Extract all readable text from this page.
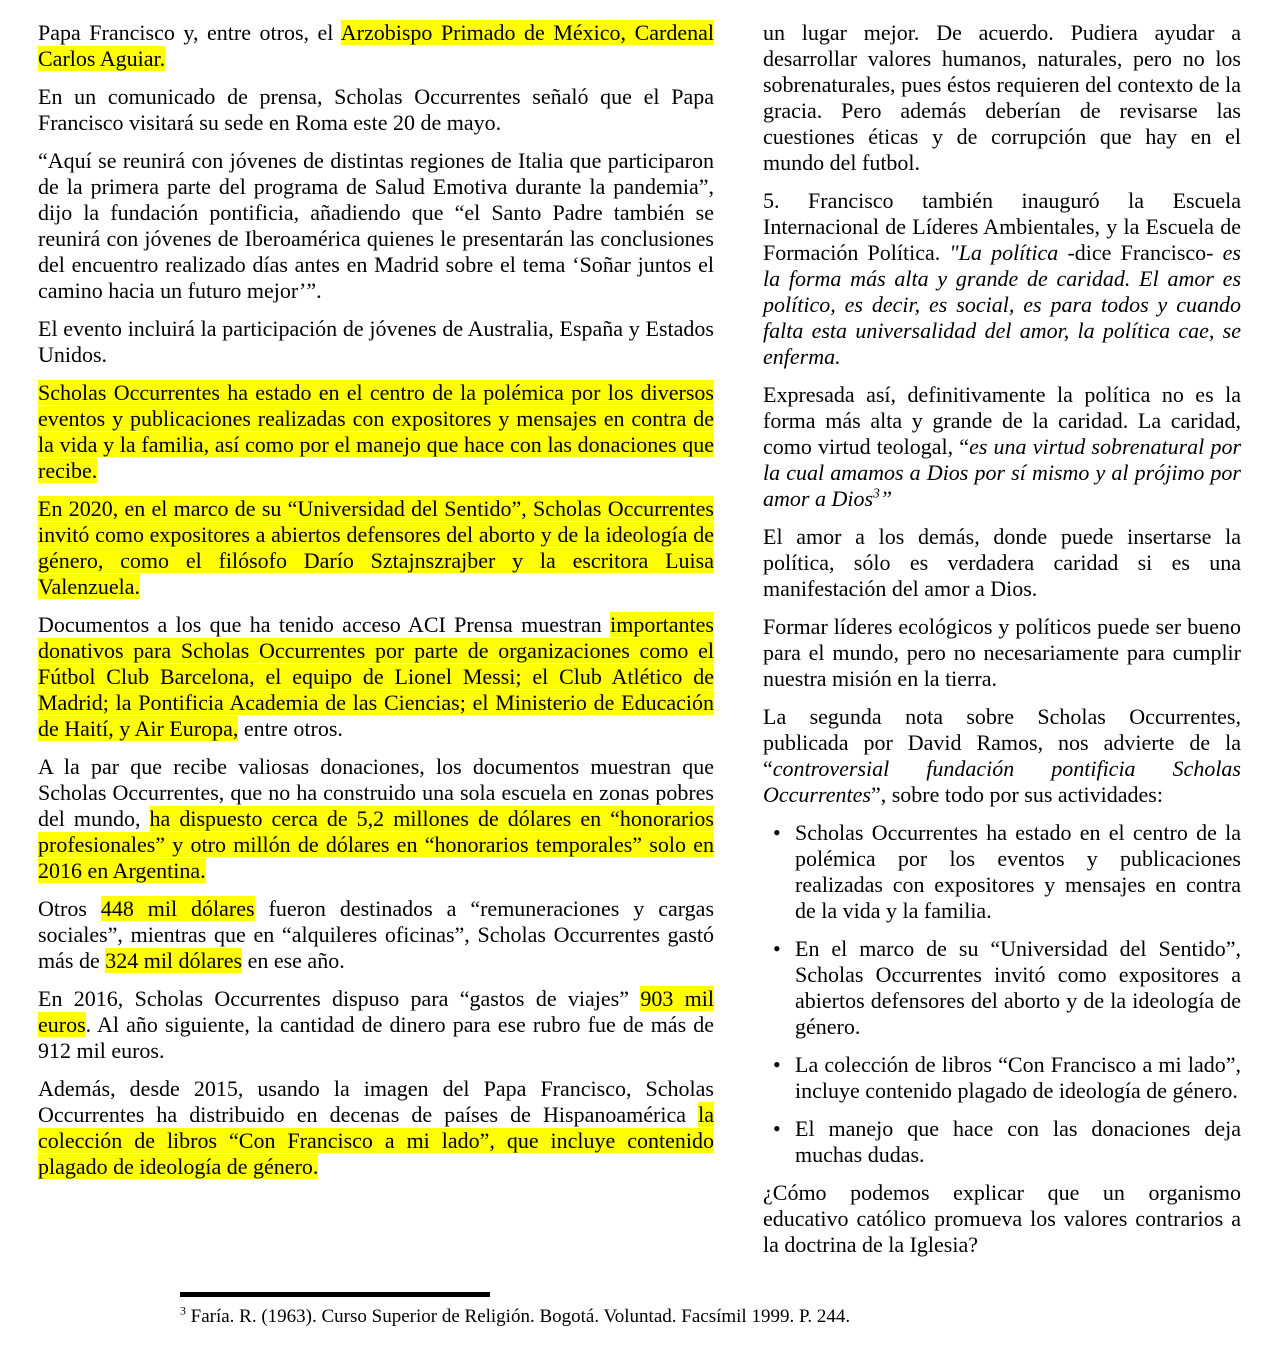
Papa Francisco y, entre otros, el Arzobispo Primado de México, Cardenal Carlos Aguiar.
En un comunicado de prensa, Scholas Occurrentes señaló que el Papa Francisco visitará su sede en Roma este 20 de mayo.
“Aquí se reunirá con jóvenes de distintas regiones de Italia que participaron de la primera parte del programa de Salud Emotiva durante la pandemia”, dijo la fundación pontificia, añadiendo que “el Santo Padre también se reunirá con jóvenes de Iberoamérica quienes le presentarán las conclusiones del encuentro realizado días antes en Madrid sobre el tema ‘Soñar juntos el camino hacia un futuro mejor’”.
El evento incluirá la participación de jóvenes de Australia, España y Estados Unidos.
Scholas Occurrentes ha estado en el centro de la polémica por los diversos eventos y publicaciones realizadas con expositores y mensajes en contra de la vida y la familia, así como por el manejo que hace con las donaciones que recibe.
En 2020, en el marco de su “Universidad del Sentido”, Scholas Occurrentes invitó como expositores a abiertos defensores del aborto y de la ideología de género, como el filósofo Darío Sztajnszrajber y la escritora Luisa Valenzuela.
Documentos a los que ha tenido acceso ACI Prensa muestran importantes donativos para Scholas Occurrentes por parte de organizaciones como el Fútbol Club Barcelona, el equipo de Lionel Messi; el Club Atlético de Madrid; la Pontificia Academia de las Ciencias; el Ministerio de Educación de Haití, y Air Europa, entre otros.
A la par que recibe valiosas donaciones, los documentos muestran que Scholas Occurrentes, que no ha construido una sola escuela en zonas pobres del mundo, ha dispuesto cerca de 5,2 millones de dólares en “honorarios profesionales” y otro millón de dólares en “honorarios temporales” solo en 2016 en Argentina.
Otros 448 mil dólares fueron destinados a “remuneraciones y cargas sociales”, mientras que en “alquileres oficinas”, Scholas Occurrentes gastó más de 324 mil dólares en ese año.
En 2016, Scholas Occurrentes dispuso para “gastos de viajes” 903 mil euros. Al año siguiente, la cantidad de dinero para ese rubro fue de más de 912 mil euros.
Además, desde 2015, usando la imagen del Papa Francisco, Scholas Occurrentes ha distribuido en decenas de países de Hispanoamérica la colección de libros “Con Francisco a mi lado”, que incluye contenido plagado de ideología de género.
un lugar mejor. De acuerdo. Pudiera ayudar a desarrollar valores humanos, naturales, pero no los sobrenaturales, pues éstos requieren del contexto de la gracia. Pero además deberían de revisarse las cuestiones éticas y de corrupción que hay en el mundo del futbol.
5. Francisco también inauguró la Escuela Internacional de Líderes Ambientales, y la Escuela de Formación Política. "La política -dice Francisco- es la forma más alta y grande de caridad. El amor es político, es decir, es social, es para todos y cuando falta esta universalidad del amor, la política cae, se enferma.
Expresada así, definitivamente la política no es la forma más alta y grande de la caridad. La caridad, como virtud teologal, “es una virtud sobrenatural por la cual amamos a Dios por sí mismo y al prójimo por amor a Dios$^3$”
El amor a los demás, donde puede insertarse la política, sólo es verdadera caridad si es una manifestación del amor a Dios.
Formar líderes ecológicos y políticos puede ser bueno para el mundo, pero no necesariamente para cumplir nuestra misión en la tierra.
La segunda nota sobre Scholas Occurrentes, publicada por David Ramos, nos advierte de la “controversial fundación pontificia Scholas Occurrentes”, sobre todo por sus actividades:
• Scholas Occurrentes ha estado en el centro de la polémica por los eventos y publicaciones realizadas con expositores y mensajes en contra de la vida y la familia.
• En el marco de su “Universidad del Sentido”, Scholas Occurrentes invitó como expositores a abiertos defensores del aborto y de la ideología de género.
• La colección de libros “Con Francisco a mi lado”, incluye contenido plagado de ideología de género.
• El manejo que hace con las donaciones deja muchas dudas.
¿Cómo podemos explicar que un organismo educativo católico promueva los valores contrarios a la doctrina de la Iglesia?
$^3$ Faría. R. (1963). Curso Superior de Religión. Bogotá. Voluntad. Facsímil 1999. P. 244.
